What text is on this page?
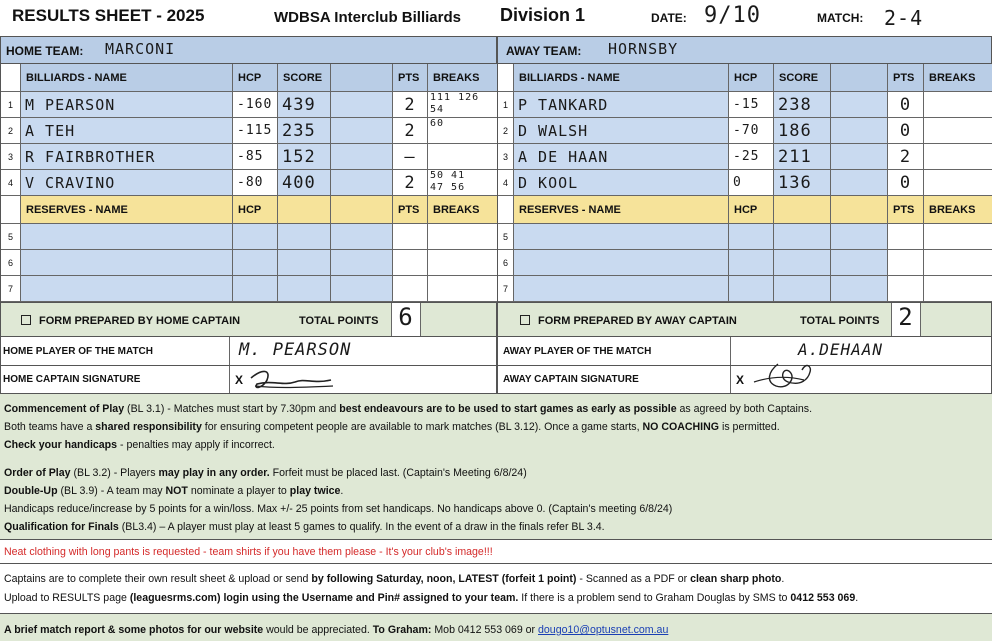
RESULTS SHEET - 2025	WDBSA Interclub Billiards Division 1	DATE: 9/10	MATCH: 2-4
HOME TEAM: MARCONI	AWAY TEAM: HORNSBY
BILLIARDS - NAME	HCP	SCORE	PTS	BREAKS
1 M PEARSON	-160 439	2	111 126
54
2 A TEH	-115 235	2	60
3 R FAIRBROTHER	-85	152	–
4 V CRAVINO	-80	400	2	50 41
47 56
RESERVES - NAME	HCP	PTS	BREAKS
5
6
7
BILLIARDS - NAME	HCP	SCORE	PTS	BREAKS
1 P TANKARD	-15	238	0
2 D WALSH	-70	186	0
3 A DE HAAN	-25	211	2
4 D KOOL	0	136	0
RESERVES - NAME	HCP	PTS	BREAKS
5
6
7
FORM PREPARED BY HOME CAPTAIN	TOTAL POINTS 6	FORM PREPARED BY AWAY CAPTAIN	TOTAL POINTS 2
HOME PLAYER OF THE MATCH	M. PEARSON
HOME CAPTAIN SIGNATURE	X
AWAY PLAYER OF THE MATCH	A.DEHAAN
AWAY CAPTAIN SIGNATURE	X
Commencement of Play (BL 3.1) - Matches must start by 7.30pm and best endeavours are to be used to start games as early as possible as agreed by both Captains.
Both teams have a shared responsibility for ensuring competent people are available to mark matches (BL 3.12). Once a game starts, NO COACHING is permitted.
Check your handicaps - penalties may apply if incorrect.
Order of Play (BL 3.2) - Players may play in any order. Forfeit must be placed last. (Captain's Meeting 6/8/24)
Double-Up (BL 3.9) - A team may NOT nominate a player to play twice.
Handicaps reduce/increase by 5 points for a win/loss. Max +/- 25 points from set handicaps. No handicaps above 0. (Captain's meeting 6/8/24)
Qualification for Finals (BL3.4) – A player must play at least 5 games to qualify. In the event of a draw in the finals refer BL 3.4.
Neat clothing with long pants is requested - team shirts if you have them please - It's your club's image!!!
Captains are to complete their own result sheet & upload or send by following Saturday, noon, LATEST (forfeit 1 point) - Scanned as a PDF or clean sharp photo.
Upload to RESULTS page (leaguesrms.com) login using the Username and Pin# assigned to your team. If there is a problem send to Graham Douglas by SMS to 0412 553 069.
A brief match report & some photos for our website would be appreciated. To Graham: Mob 0412 553 069 or dougo10@optusnet.com.au
